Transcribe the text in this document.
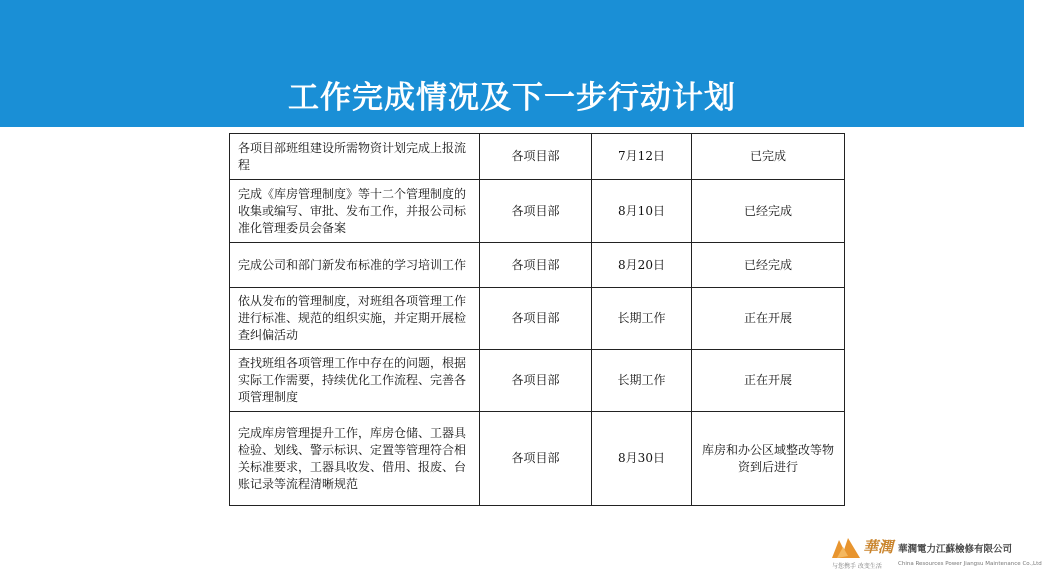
工作完成情况及下一步行动计划
各项目部班组建设所需物资计划完成上报流程	各项目部	7月12日	已完成
完成《库房管理制度》等十二个管理制度的收集或编写、审批、发布工作，并报公司标准化管理委员会备案	各项目部	8月10日	已经完成
完成公司和部门新发布标准的学习培训工作	各项目部	8月20日	已经完成
依从发布的管理制度，对班组各项管理工作进行标准、规范的组织实施，并定期开展检查纠偏活动	各项目部	长期工作	正在开展
查找班组各项管理工作中存在的问题，根据实际工作需要，持续优化工作流程、完善各项管理制度	各项目部	长期工作	正在开展
完成库房管理提升工作，库房仓储、工器具检验、划线、警示标识、定置等管理符合相关标准要求，工器具收发、借用、报废、台账记录等流程清晰规范	各项目部	8月30日	库房和办公区域整改等物资到后进行
華潤
与您携手 改变生活
華潤電力江蘇檢修有限公司
China Resources Power Jiangsu Maintenance Co.,Ltd
